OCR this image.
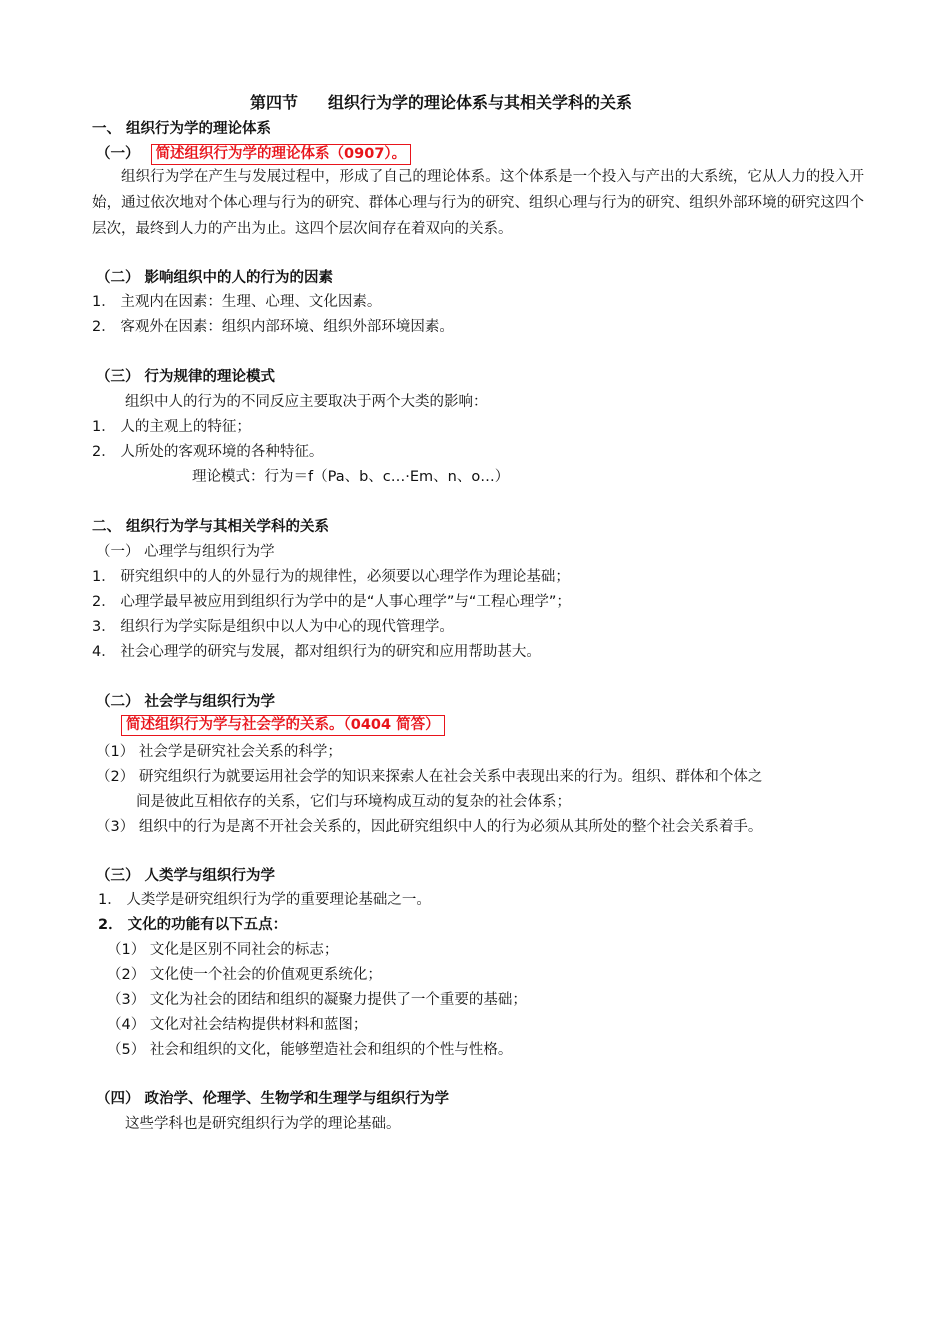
第四节 组织行为学的理论体系与其相关学科的关系
一、 组织行为学的理论体系
（一） 简述组织行为学的理论体系（0907）。
组织行为学在产生与发展过程中，形成了自己的理论体系。这个体系是一个投入与产出的大系统，它从人力的投入开始，通过依次地对个体心理与行为的研究、群体心理与行为的研究、组织心理与行为的研究、组织外部环境的研究这四个层次，最终到人力的产出为止。这四个层次间存在着双向的关系。
（二） 影响组织中的人的行为的因素
1． 主观内在因素：生理、心理、文化因素。
2． 客观外在因素：组织内部环境、组织外部环境因素。
（三） 行为规律的理论模式
组织中人的行为的不同反应主要取决于两个大类的影响：
1． 人的主观上的特征；
2． 人所处的客观环境的各种特征。
理论模式：行为＝f（Pa、b、c…·Em、n、o…）
二、 组织行为学与其相关学科的关系
（一） 心理学与组织行为学
1． 研究组织中的人的外显行为的规律性，必须要以心理学作为理论基础；
2． 心理学最早被应用到组织行为学中的是“人事心理学”与“工程心理学”；
3． 组织行为学实际是组织中以人为中心的现代管理学。
4． 社会心理学的研究与发展，都对组织行为的研究和应用帮助甚大。
（二） 社会学与组织行为学
简述组织行为学与社会学的关系。（0404 简答）
（1） 社会学是研究社会关系的科学；
（2） 研究组织行为就要运用社会学的知识来探索人在社会关系中表现出来的行为。组织、群体和个体之
间是彼此互相依存的关系，它们与环境构成互动的复杂的社会体系；
（3） 组织中的行为是离不开社会关系的，因此研究组织中人的行为必须从其所处的整个社会关系着手。
（三） 人类学与组织行为学
1． 人类学是研究组织行为学的重要理论基础之一。
2． 文化的功能有以下五点：
（1） 文化是区别不同社会的标志；
（2） 文化使一个社会的价值观更系统化；
（3） 文化为社会的团结和组织的凝聚力提供了一个重要的基础；
（4） 文化对社会结构提供材料和蓝图；
（5） 社会和组织的文化，能够塑造社会和组织的个性与性格。
（四） 政治学、伦理学、生物学和生理学与组织行为学
这些学科也是研究组织行为学的理论基础。
